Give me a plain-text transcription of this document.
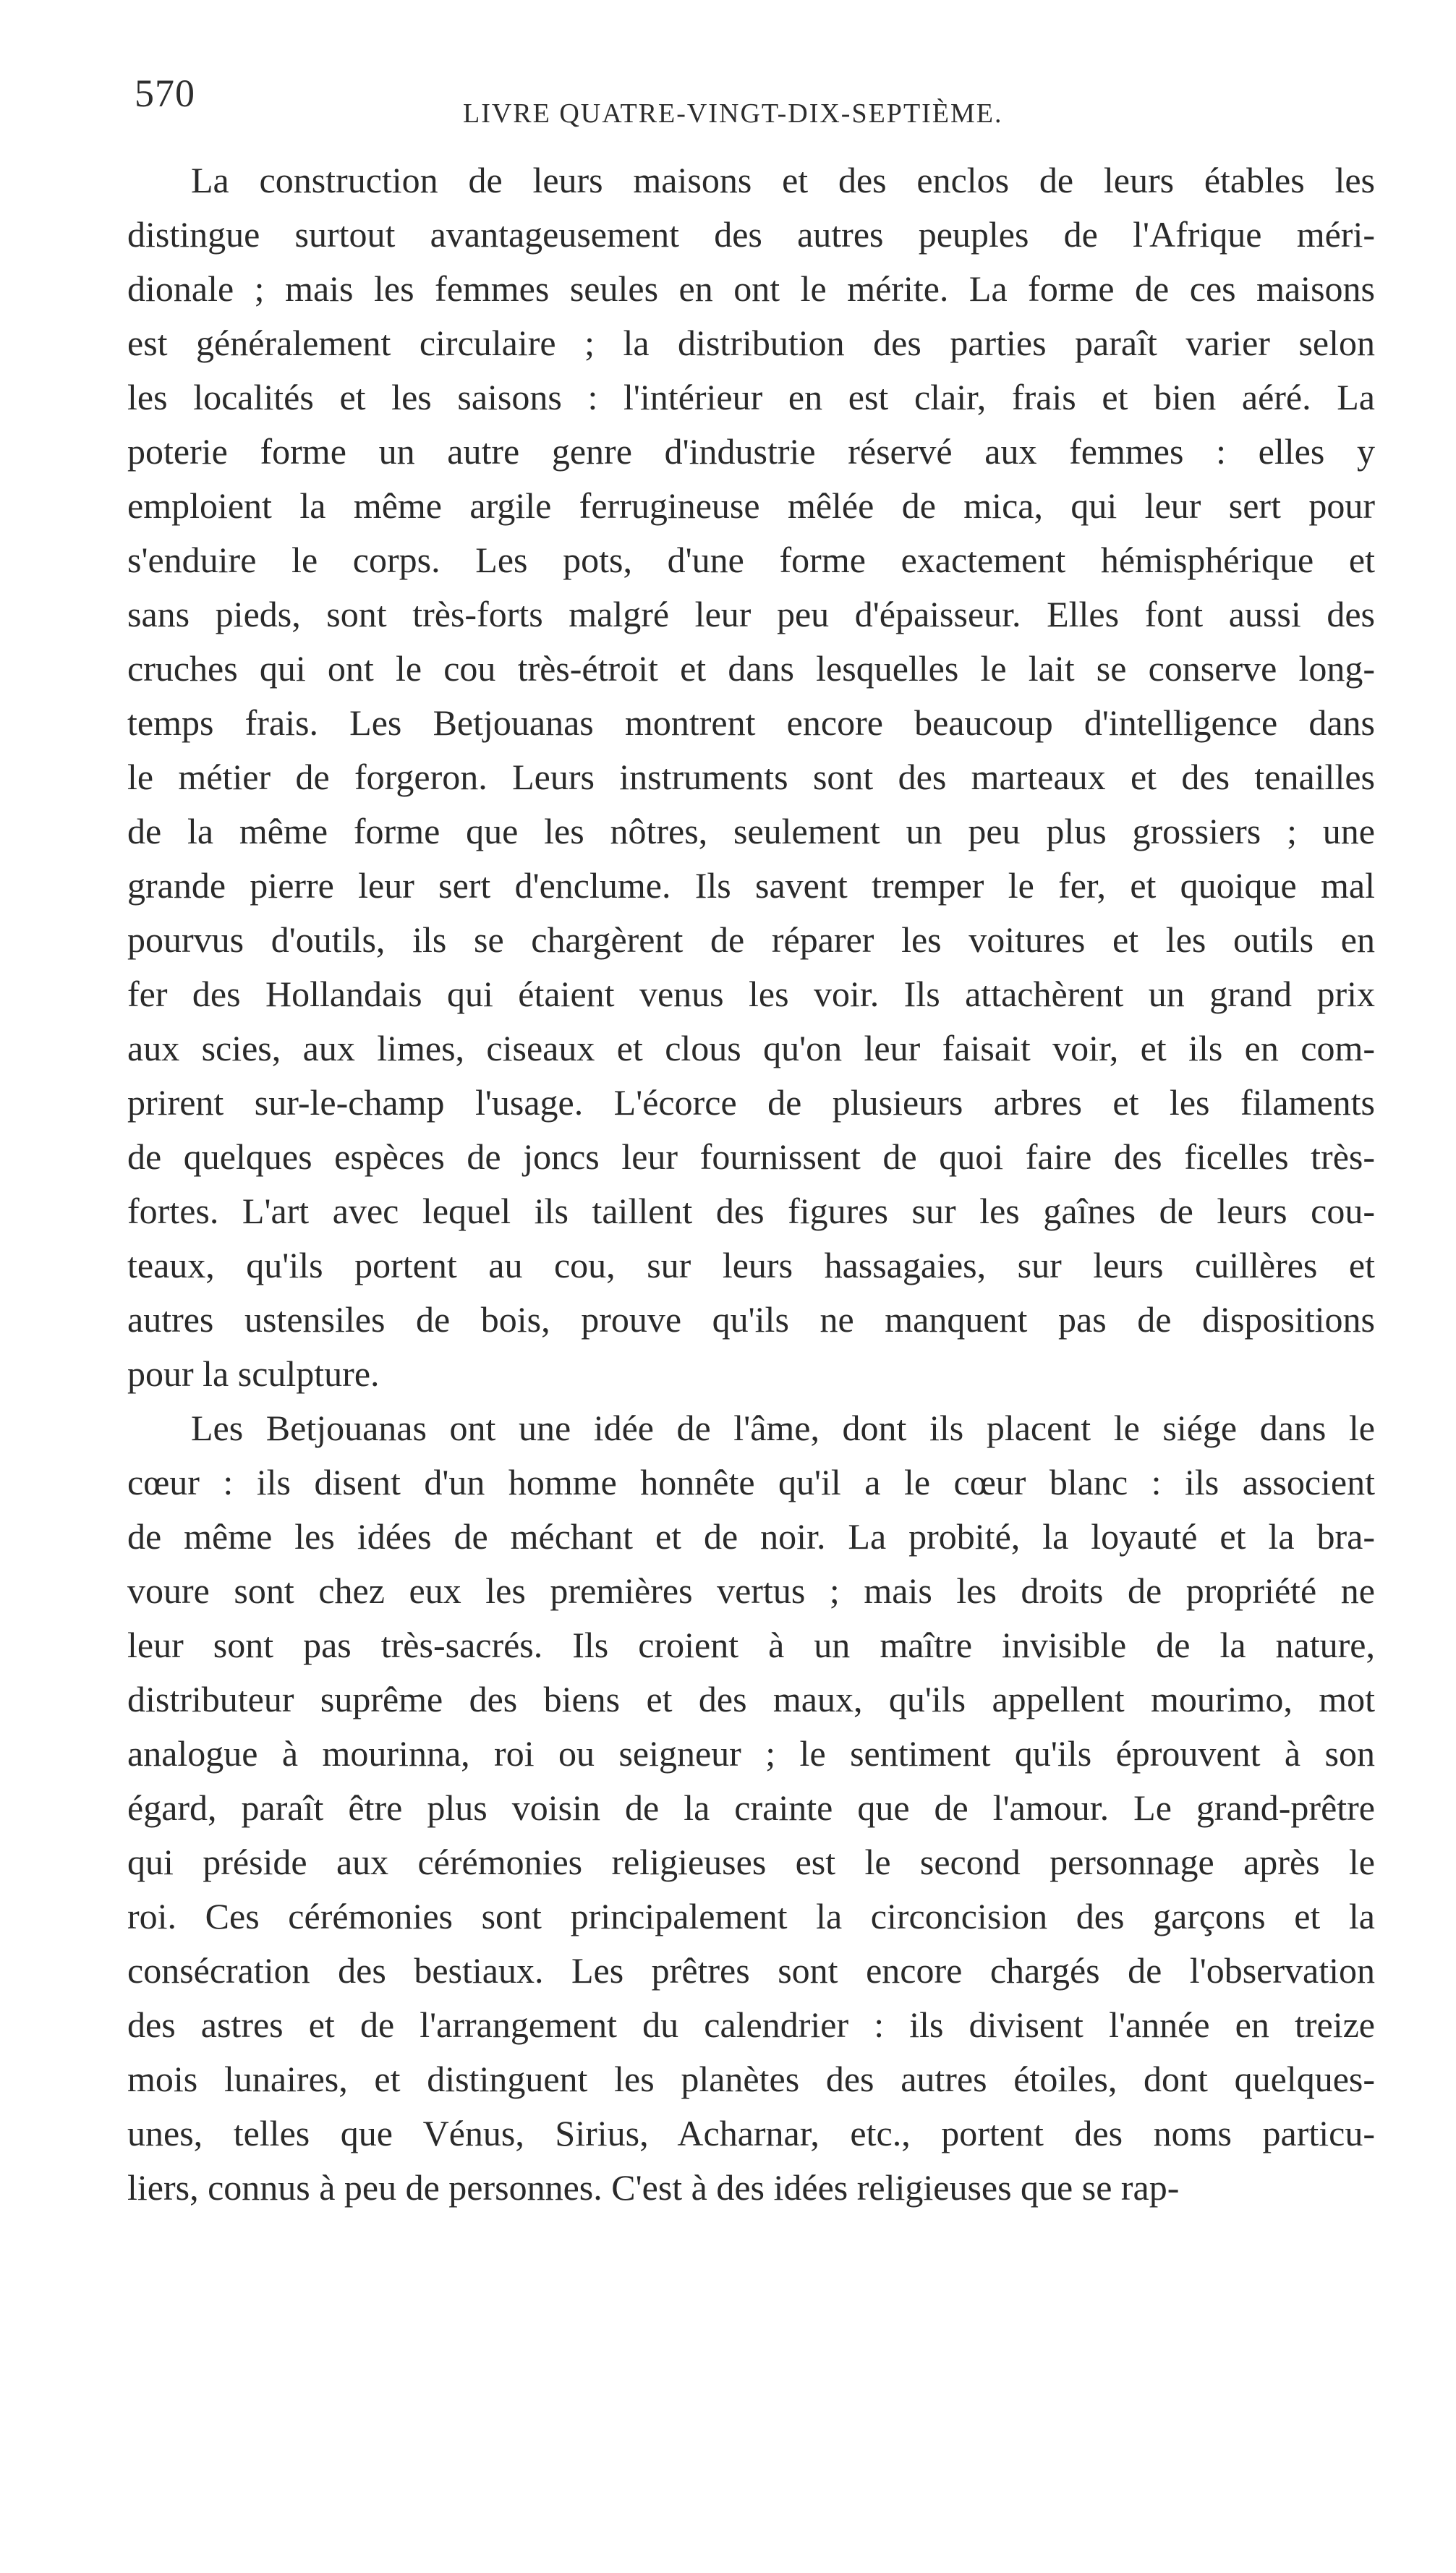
570	LIVRE QUATRE-VINGT-DIX-SEPTIÈME.
La construction de leurs maisons et des enclos de leurs étables les
distingue surtout avantageusement des autres peuples de l'Afrique méri-
dionale ; mais les femmes seules en ont le mérite. La forme de ces maisons
est généralement circulaire ; la distribution des parties paraît varier selon
les localités et les saisons : l'intérieur en est clair, frais et bien aéré. La
poterie forme un autre genre d'industrie réservé aux femmes : elles y
emploient la même argile ferrugineuse mêlée de mica, qui leur sert pour
s'enduire le corps. Les pots, d'une forme exactement hémisphérique et
sans pieds, sont très-forts malgré leur peu d'épaisseur. Elles font aussi des
cruches qui ont le cou très-étroit et dans lesquelles le lait se conserve long-
temps frais. Les Betjouanas montrent encore beaucoup d'intelligence dans
le métier de forgeron. Leurs instruments sont des marteaux et des tenailles
de la même forme que les nôtres, seulement un peu plus grossiers ; une
grande pierre leur sert d'enclume. Ils savent tremper le fer, et quoique mal
pourvus d'outils, ils se chargèrent de réparer les voitures et les outils en
fer des Hollandais qui étaient venus les voir. Ils attachèrent un grand prix
aux scies, aux limes, ciseaux et clous qu'on leur faisait voir, et ils en com-
prirent sur-le-champ l'usage. L'écorce de plusieurs arbres et les filaments
de quelques espèces de joncs leur fournissent de quoi faire des ficelles très-
fortes. L'art avec lequel ils taillent des figures sur les gaînes de leurs cou-
teaux, qu'ils portent au cou, sur leurs hassagaies, sur leurs cuillères et
autres ustensiles de bois, prouve qu'ils ne manquent pas de dispositions
pour la sculpture.
Les Betjouanas ont une idée de l'âme, dont ils placent le siége dans le
cœur : ils disent d'un homme honnête qu'il a le cœur blanc : ils associent
de même les idées de méchant et de noir. La probité, la loyauté et la bra-
voure sont chez eux les premières vertus ; mais les droits de propriété ne
leur sont pas très-sacrés. Ils croient à un maître invisible de la nature,
distributeur suprême des biens et des maux, qu'ils appellent mourimo, mot
analogue à mourinna, roi ou seigneur ; le sentiment qu'ils éprouvent à son
égard, paraît être plus voisin de la crainte que de l'amour. Le grand-prêtre
qui préside aux cérémonies religieuses est le second personnage après le
roi. Ces cérémonies sont principalement la circoncision des garçons et la
consécration des bestiaux. Les prêtres sont encore chargés de l'observation
des astres et de l'arrangement du calendrier : ils divisent l'année en treize
mois lunaires, et distinguent les planètes des autres étoiles, dont quelques-
unes, telles que Vénus, Sirius, Acharnar, etc., portent des noms particu-
liers, connus à peu de personnes. C'est à des idées religieuses que se rap-
